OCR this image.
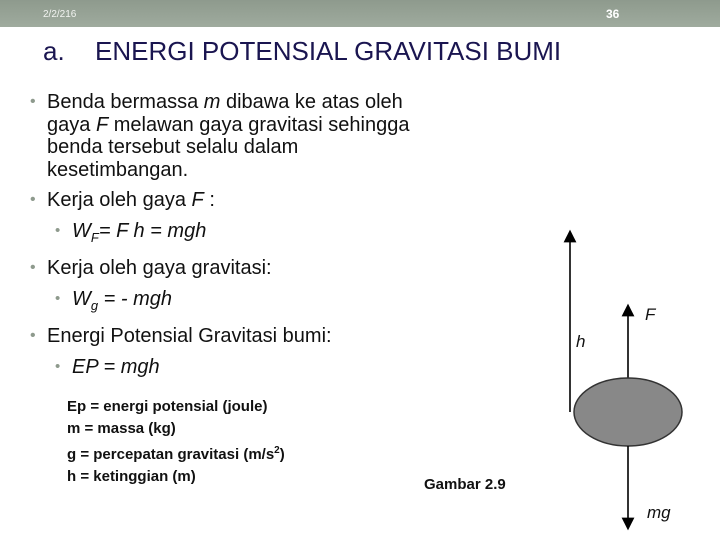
2/2/216	36
a. ENERGI POTENSIAL GRAVITASI BUMI
• Benda bermassa m dibawa ke atas oleh
gaya F melawan gaya gravitasi sehingga
benda tersebut selalu dalam
kesetimbangan.
• Kerja oleh gaya F :
• $W_F= F$ h = mgh
• Kerja oleh gaya gravitasi:
• $W_g$ = - mgh
• Energi Potensial Gravitasi bumi:
• EP = mgh
Ep = energi potensial (joule)
m = massa (kg)
g = percepatan gravitasi $(m/s^2)$
h = ketinggian (m)	Gambar 2.9
h
F
mg
